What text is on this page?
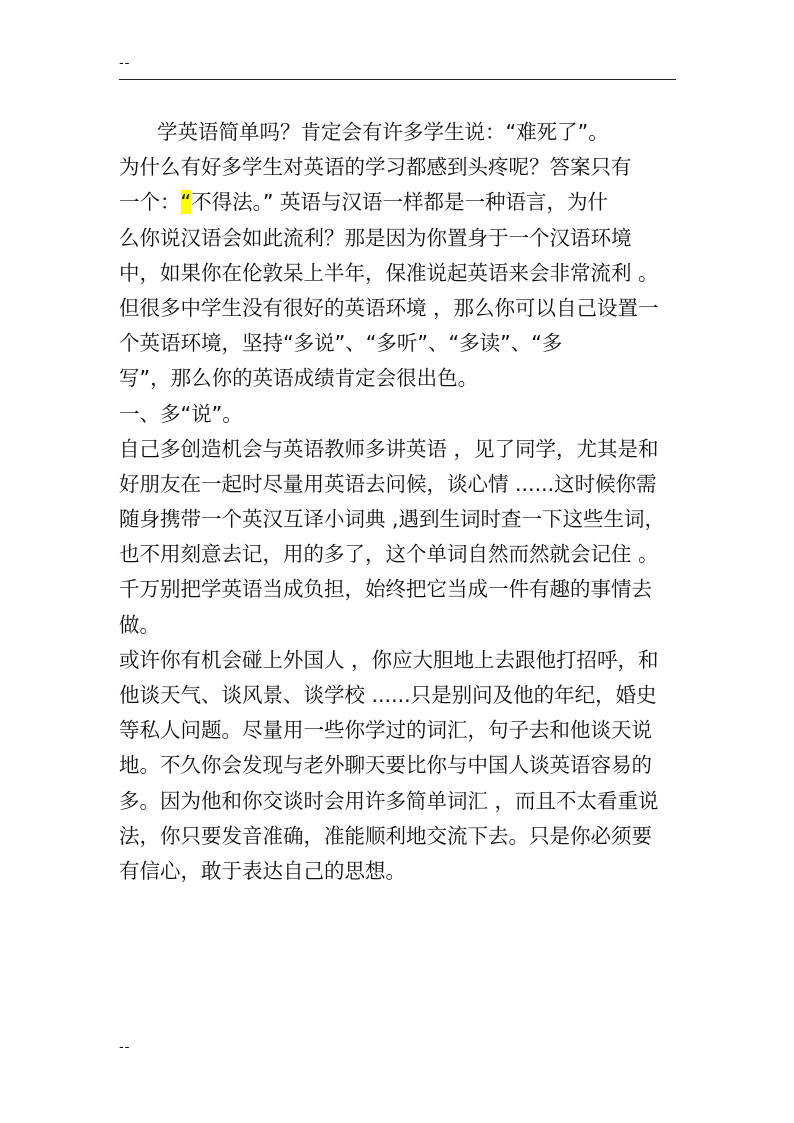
--
学英语简单吗？肯定会有许多学生说：“难死了”。
为什么有好多学生对英语的学习都感到头疼呢？答案只有
一个：“不得法。” 英语与汉语一样都是一种语言，为什
么你说汉语会如此流利？那是因为你置身于一个汉语环境
中，如果你在伦敦呆上半年，保准说起英语来会非常流利 。
但很多中学生没有很好的英语环境 ，那么你可以自己设置一
个英语环境，坚持“多说”、“多听”、“多读”、“多
写”，那么你的英语成绩肯定会很出色。
一、多“说”。
自己多创造机会与英语教师多讲英语 ，见了同学，尤其是和
好朋友在一起时尽量用英语去问候，谈心情 ......这时候你需
随身携带一个英汉互译小词典 ,遇到生词时查一下这些生词，
也不用刻意去记，用的多了，这个单词自然而然就会记住 。
千万别把学英语当成负担，始终把它当成一件有趣的事情去
做。
或许你有机会碰上外国人 ，你应大胆地上去跟他打招呼，和
他谈天气、谈风景、谈学校 ......只是别问及他的年纪，婚史
等私人问题。尽量用一些你学过的词汇，句子去和他谈天说
地。不久你会发现与老外聊天要比你与中国人谈英语容易的
多。因为他和你交谈时会用许多简单词汇 ，而且不太看重说
法，你只要发音准确，准能顺利地交流下去。只是你必须要
有信心，敢于表达自己的思想。
--
